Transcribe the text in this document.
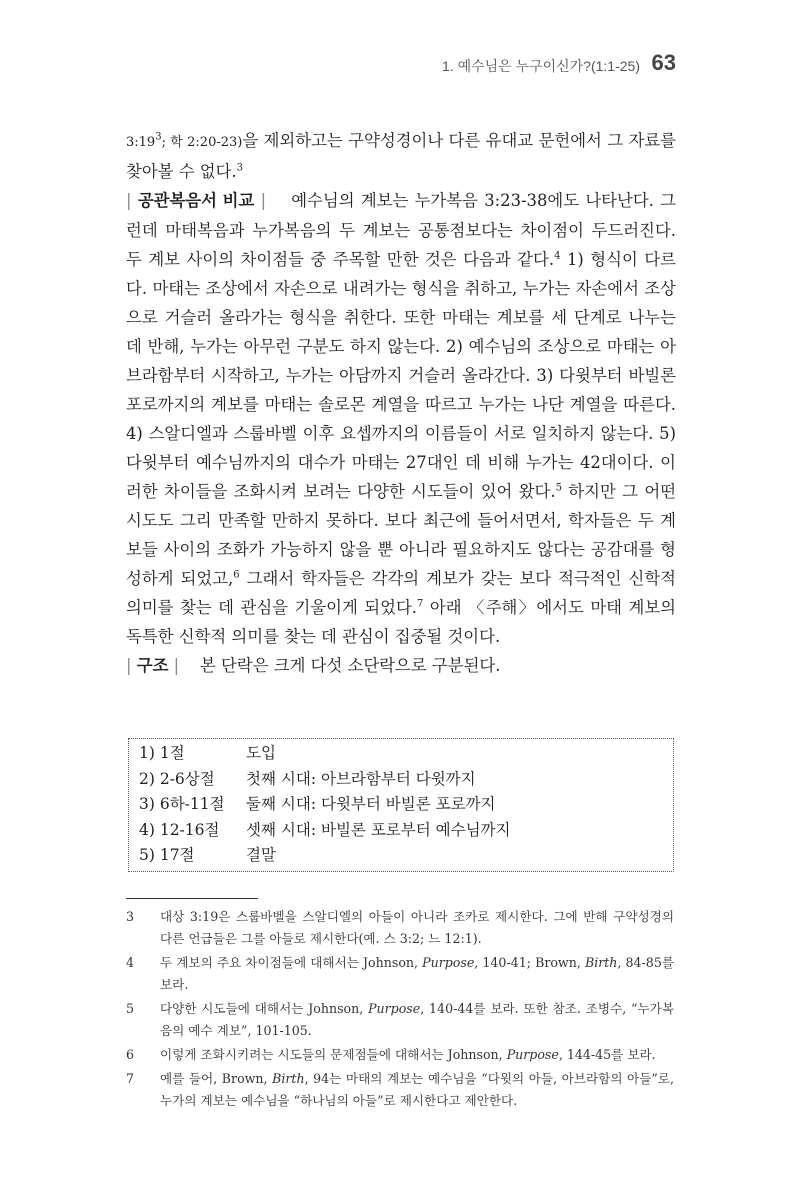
1. 예수님은 누구이신가?(1:1-25) 63

$3:19^3$; 학 2:20-23)을 제외하고는 구약성경이나 다른 유대교 문헌에서 그 자료를 찾아볼 수 없다.$^3$

| 공관복음서 비교 | 예수님의 계보는 누가복음 3:23-38에도 나타난다. 그런데 마태복음과 누가복음의 두 계보는 공통점보다는 차이점이 두드러진다. 두 계보 사이의 차이점들 중 주목할 만한 것은 다음과 같다.$^4$ 1) 형식이 다르다. 마태는 조상에서 자손으로 내려가는 형식을 취하고, 누가는 자손에서 조상으로 거슬러 올라가는 형식을 취한다. 또한 마태는 계보를 세 단계로 나누는 데 반해, 누가는 아무런 구분도 하지 않는다. 2) 예수님의 조상으로 마태는 아브라함부터 시작하고, 누가는 아담까지 거슬러 올라간다. 3) 다윗부터 바빌론 포로까지의 계보를 마태는 솔로몬 계열을 따르고 누가는 나단 계열을 따른다. 4) 스알디엘과 스룹바벨 이후 요셉까지의 이름들이 서로 일치하지 않는다. 5) 다윗부터 예수님까지의 대수가 마태는 27대인 데 비해 누가는 42대이다. 이러한 차이들을 조화시켜 보려는 다양한 시도들이 있어 왔다.$^5$ 하지만 그 어떤 시도도 그리 만족할 만하지 못하다. 보다 최근에 들어서면서, 학자들은 두 계보들 사이의 조화가 가능하지 않을 뿐 아니라 필요하지도 않다는 공감대를 형성하게 되었고,$^6$ 그래서 학자들은 각각의 계보가 갖는 보다 적극적인 신학적 의미를 찾는 데 관심을 기울이게 되었다.$^7$ 아래 〈주해〉에서도 마태 계보의 독특한 신학적 의미를 찾는 데 관심이 집중될 것이다.

| 구조 | 본 단락은 크게 다섯 소단락으로 구분된다.

1) 1절	도입
2) 2-6상절	첫째 시대: 아브라함부터 다윗까지
3) 6하-11절	둘째 시대: 다윗부터 바빌론 포로까지
4) 12-16절	셋째 시대: 바빌론 포로부터 예수님까지
5) 17절	결말
3	대상 3:19은 스룹바벨을 스알디엘의 아들이 아니라 조카로 제시한다. 그에 반해 구약성경의 다른 언급들은 그를 아들로 제시한다(예. 스 3:2; 느 12:1).
4	두 계보의 주요 차이점들에 대해서는 Johnson, Purpose, 140-41; Brown, Birth, 84-85를 보라.
5	다양한 시도들에 대해서는 Johnson, Purpose, 140-44를 보라. 또한 참조. 조병수, “누가복음의 예수 계보”, 101-105.
6	이렇게 조화시키려는 시도들의 문제점들에 대해서는 Johnson, Purpose, 144-45를 보라.
7	예를 들어, Brown, Birth, 94는 마태의 계보는 예수님을 “다윗의 아들, 아브라함의 아들”로, 누가의 계보는 예수님을 “하나님의 아들”로 제시한다고 제안한다.
